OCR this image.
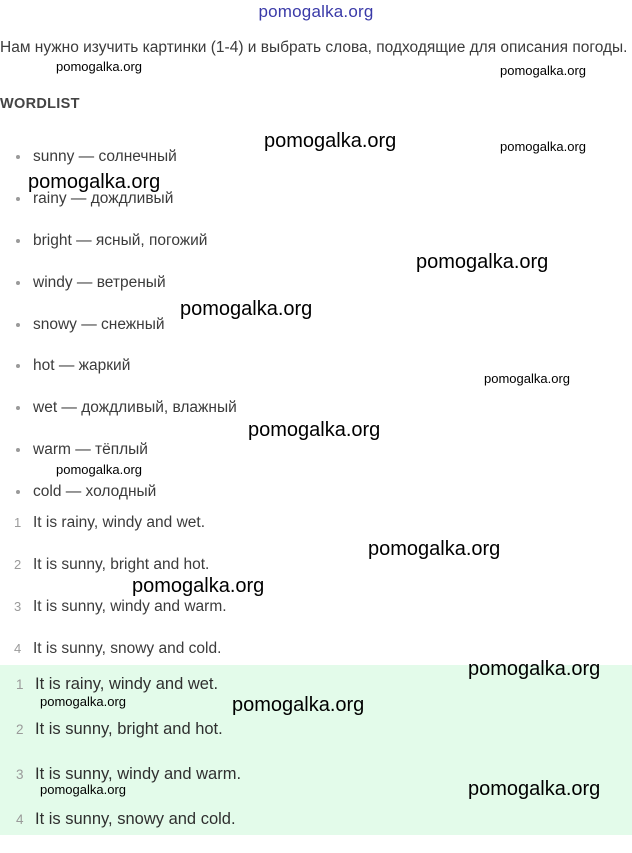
pomogalka.org
Нам нужно изучить картинки (1-4) и выбрать слова, подходящие для описания погоды.
WORDLIST
sunny — солнечный
rainy — дождливый
bright — ясный, погожий
windy — ветреный
snowy — снежный
hot — жаркий
wet — дождливый, влажный
warm — тёплый
cold — холодный
1 It is rainy, windy and wet.
2 It is sunny, bright and hot.
3 It is sunny, windy and warm.
4 It is sunny, snowy and cold.
1 It is rainy, windy and wet.
2 It is sunny, bright and hot.
3 It is sunny, windy and warm.
4 It is sunny, snowy and cold.
pomogalka.org	pomogalka.org
pomogalka.org	pomogalka.org
pomogalka.org
pomogalka.org
pomogalka.org
pomogalka.org
pomogalka.org
pomogalka.org
pomogalka.org
pomogalka.org
pomogalka.org
pomogalka.org	pomogalka.org
pomogalka.org	pomogalka.org
